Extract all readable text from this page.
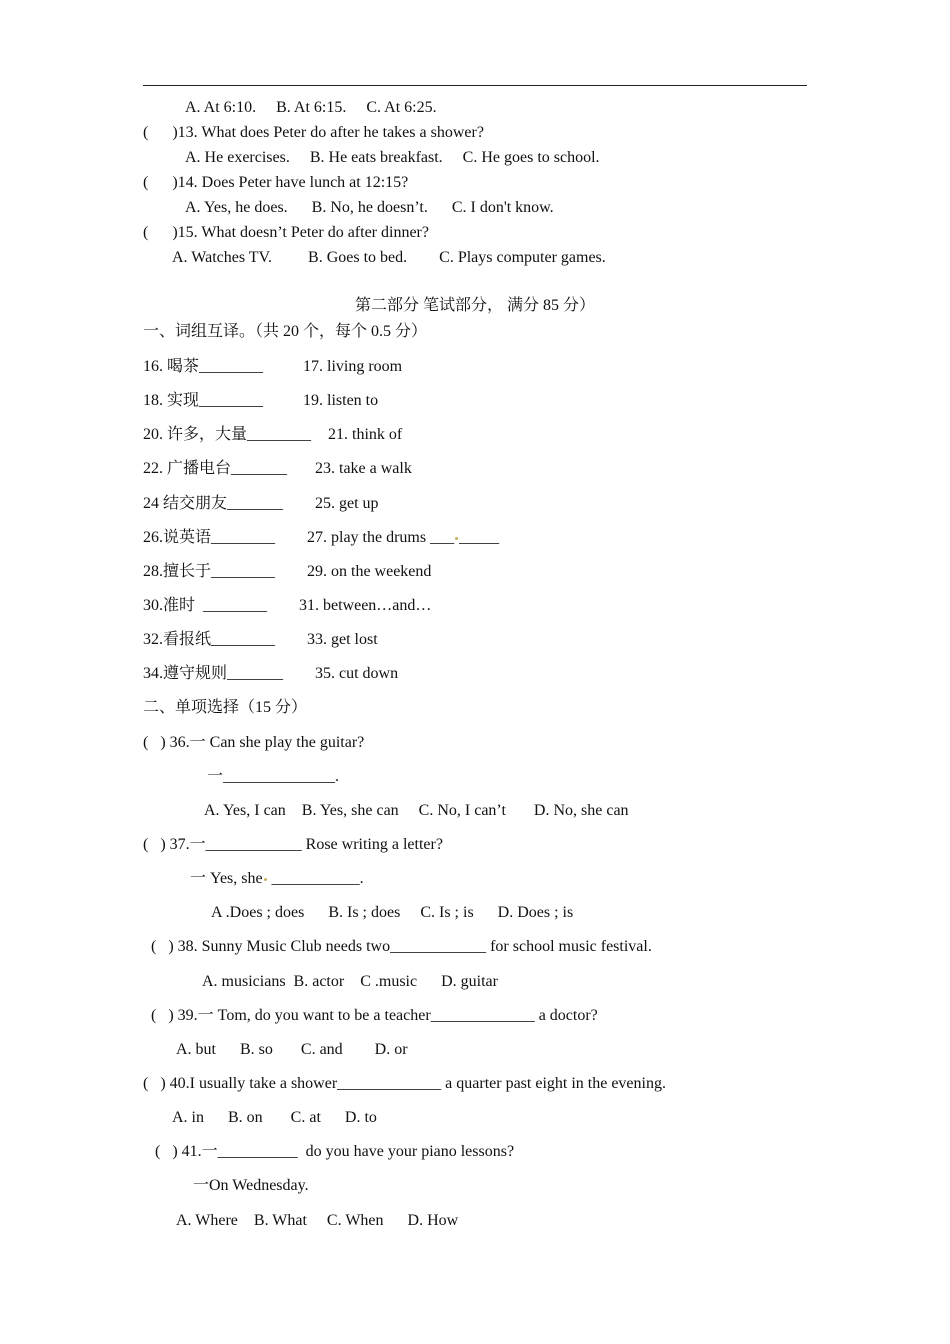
A. At 6:10.     B. At 6:15.     C. At 6:25.
(      )13. What does Peter do after he takes a shower?
A. He exercises.     B. He eats breakfast.     C. He goes to school.
(      )14. Does Peter have lunch at 12:15?
A. Yes, he does.      B. No, he doesn’t.      C. I don't know.
(      )15. What doesn’t Peter do after dinner?
A. Watches TV.         B. Goes to bed.        C. Plays computer games.
第二部分 笔试部分， 满分 85 分）
一、词组互译。（共 20 个，每个 0.5 分）
16. 喝茶________ 17. living room
18. 实现________ 19. listen to
20. 许多，大量________ 21. think of
22. 广播电台_______ 23. take a walk
24 结交朋友_______ 25. get up
26.说英语________ 27. play the drums ___ _____
28.擅长于________ 29. on the weekend
30.准时  ________ 31. between…and…
32.看报纸________ 33. get lost
34.遵守规则_______ 35. cut down
二、单项选择（15 分）
(   ) 36.一 Can she play the guitar?
一______________.
A. Yes, I can    B. Yes, she can     C. No, I can’t       D. No, she can
(   ) 37.一____________ Rose writing a letter?
一 Yes, she ___________.
A .Does ; does      B. Is ; does     C. Is ; is      D. Does ; is
(   ) 38. Sunny Music Club needs two____________ for school music festival.
A. musicians  B. actor    C .music      D. guitar
(   ) 39.一 Tom, do you want to be a teacher_____________ a doctor?
A. but      B. so       C. and        D. or
(   ) 40.I usually take a shower_____________ a quarter past eight in the evening.
A. in      B. on       C. at      D. to
(   ) 41.一__________  do you have your piano lessons?
一On Wednesday.
A. Where    B. What     C. When      D. How
